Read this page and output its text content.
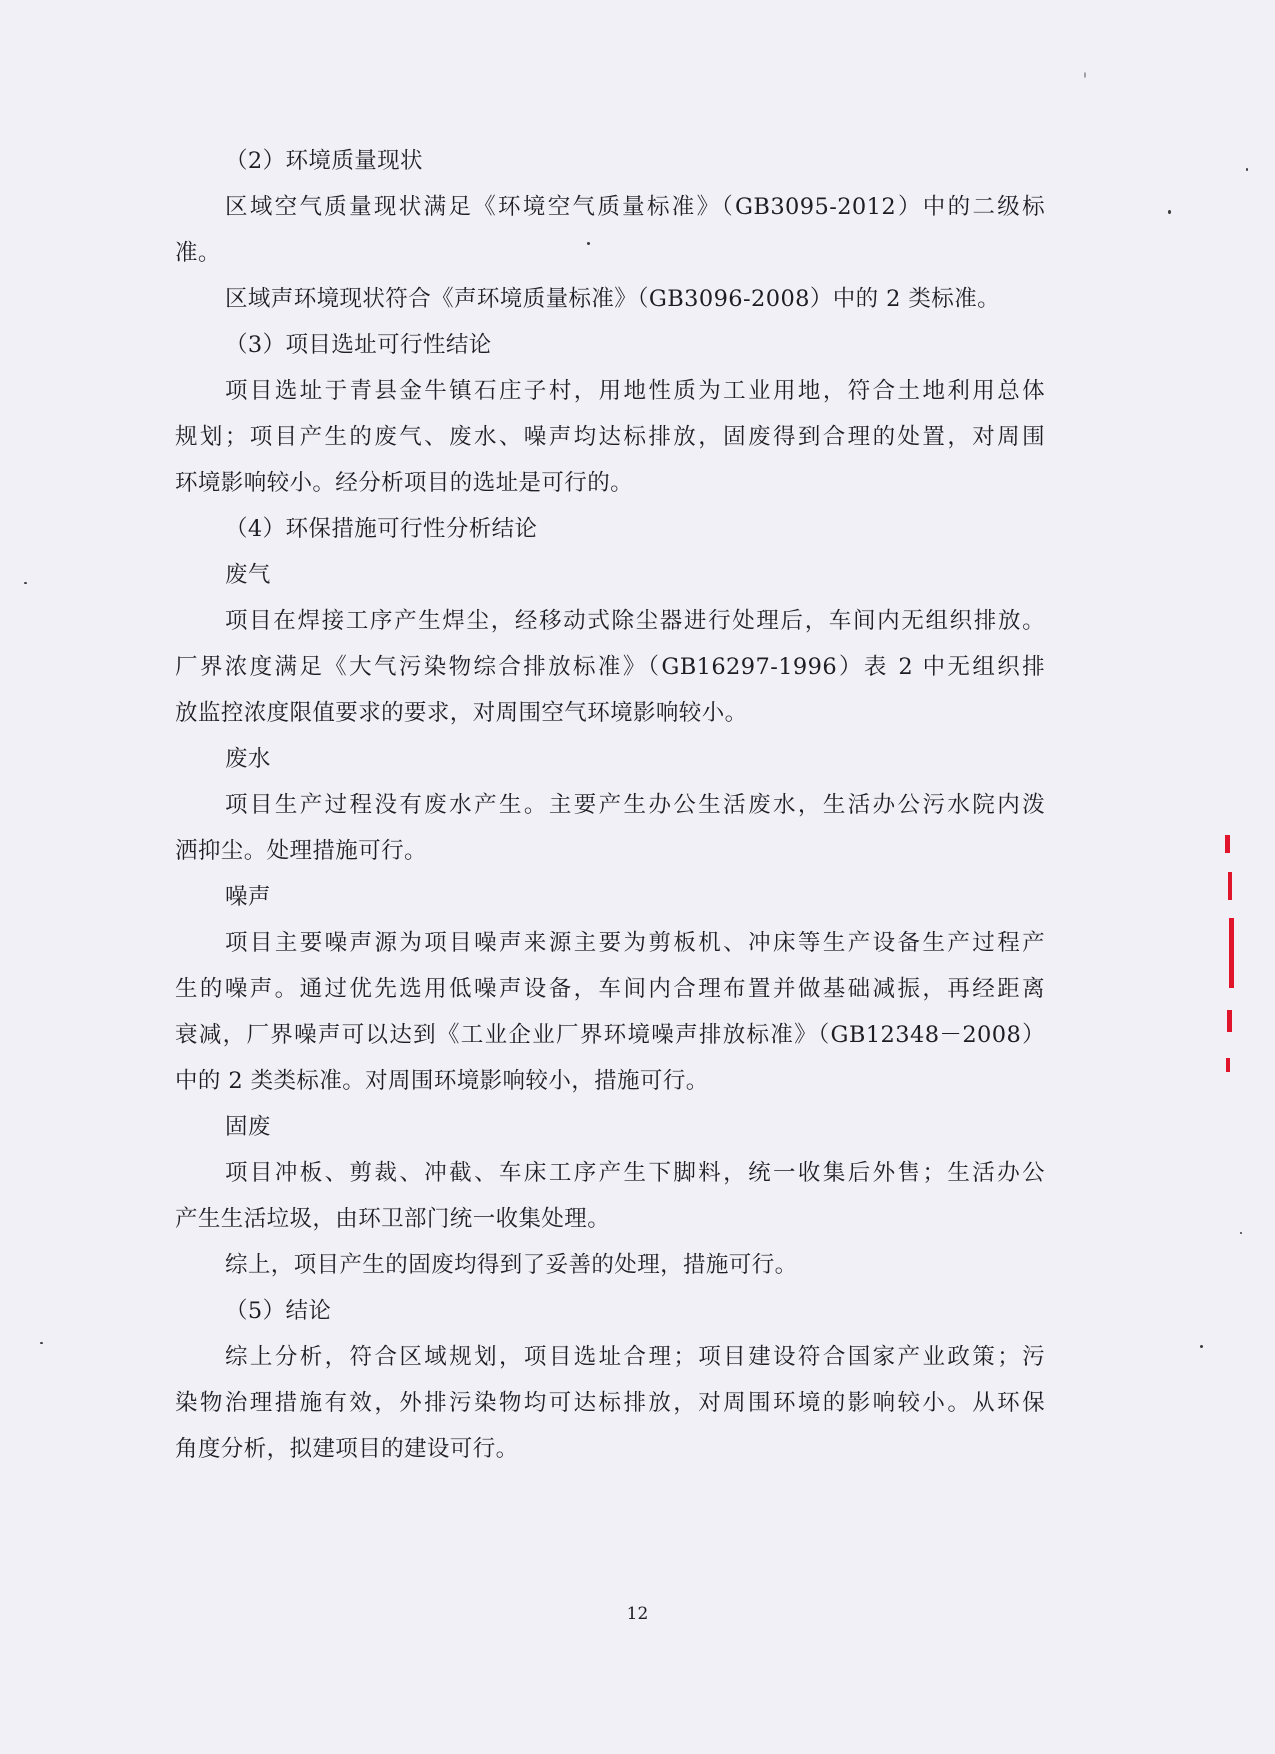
（2）环境质量现状
区域空气质量现状满足《环境空气质量标准》（GB3095-2012）中的二级标
准。
区域声环境现状符合《声环境质量标准》（GB3096-2008）中的 2 类标准。
（3）项目选址可行性结论
项目选址于青县金牛镇石庄子村，用地性质为工业用地，符合土地利用总体
规划；项目产生的废气、废水、噪声均达标排放，固废得到合理的处置，对周围
环境影响较小。经分析项目的选址是可行的。
（4）环保措施可行性分析结论
废气
项目在焊接工序产生焊尘，经移动式除尘器进行处理后，车间内无组织排放。
厂界浓度满足《大气污染物综合排放标准》（GB16297-1996）表 2 中无组织排
放监控浓度限值要求的要求，对周围空气环境影响较小。
废水
项目生产过程没有废水产生。主要产生办公生活废水，生活办公污水院内泼
洒抑尘。处理措施可行。
噪声
项目主要噪声源为项目噪声来源主要为剪板机、冲床等生产设备生产过程产
生的噪声。通过优先选用低噪声设备，车间内合理布置并做基础减振，再经距离
衰减，厂界噪声可以达到《工业企业厂界环境噪声排放标准》（GB12348－2008）
中的 2 类类标准。对周围环境影响较小，措施可行。
固废
项目冲板、剪裁、冲截、车床工序产生下脚料，统一收集后外售；生活办公
产生生活垃圾，由环卫部门统一收集处理。
综上，项目产生的固废均得到了妥善的处理，措施可行。
（5）结论
综上分析，符合区域规划，项目选址合理；项目建设符合国家产业政策；污
染物治理措施有效，外排污染物均可达标排放，对周围环境的影响较小。从环保
角度分析，拟建项目的建设可行。
12
